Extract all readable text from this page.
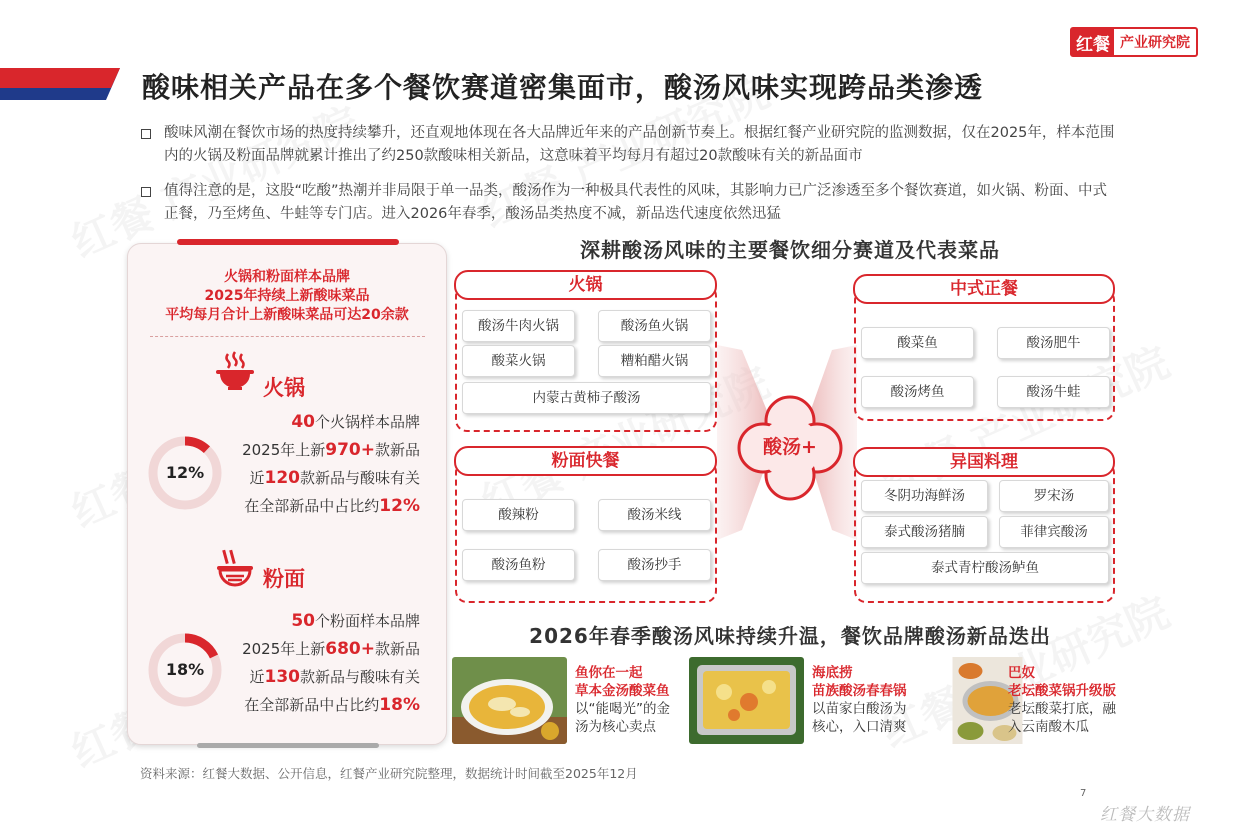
红餐 产业研究院
酸味相关产品在多个餐饮赛道密集面市，酸汤风味实现跨品类渗透
酸味风潮在餐饮市场的热度持续攀升，还直观地体现在各大品牌近年来的产品创新节奏上。根据红餐产业研究院的监测数据，仅在2025年，样本范围内的火锅及粉面品牌就累计推出了约250款酸味相关新品，这意味着平均每月有超过20款酸味有关的新品面市
值得注意的是，这股“吃酸”热潮并非局限于单一品类，酸汤作为一种极具代表性的风味，其影响力已广泛渗透至多个餐饮赛道，如火锅、粉面、中式正餐，乃至烤鱼、牛蛙等专门店。进入2026年春季，酸汤品类热度不减，新品迭代速度依然迅猛
火锅和粉面样本品牌
2025年持续上新酸味菜品
平均每月合计上新酸味菜品可达20余款
火锅
40个火锅样本品牌
2025年上新970+款新品
近120款新品与酸味有关
在全部新品中占比约12%
12%
粉面
50个粉面样本品牌
2025年上新680+款新品
近130款新品与酸味有关
在全部新品中占比约18%
18%
深耕酸汤风味的主要餐饮细分赛道及代表菜品
酸汤+
火锅
酸汤牛肉火锅	酸汤鱼火锅
酸菜火锅	糟粕醋火锅
内蒙古黄柿子酸汤
粉面快餐
酸辣粉	酸汤米线
酸汤鱼粉	酸汤抄手
中式正餐
酸菜鱼	酸汤肥牛
酸汤烤鱼	酸汤牛蛙
异国料理
冬阴功海鲜汤	罗宋汤
泰式酸汤猪腩	菲律宾酸汤
泰式青柠酸汤鲈鱼
2026年春季酸汤风味持续升温，餐饮品牌酸汤新品迭出
鱼你在一起
草本金汤酸菜鱼
以“能喝光”的金汤为核心卖点
海底捞
苗族酸汤春春锅
以苗家白酸汤为核心，入口清爽
巴奴
老坛酸菜锅升级版
老坛酸菜打底，融入云南酸木瓜
资料来源：红餐大数据、公开信息，红餐产业研究院整理，数据统计时间截至2025年12月
7
红餐大数据
